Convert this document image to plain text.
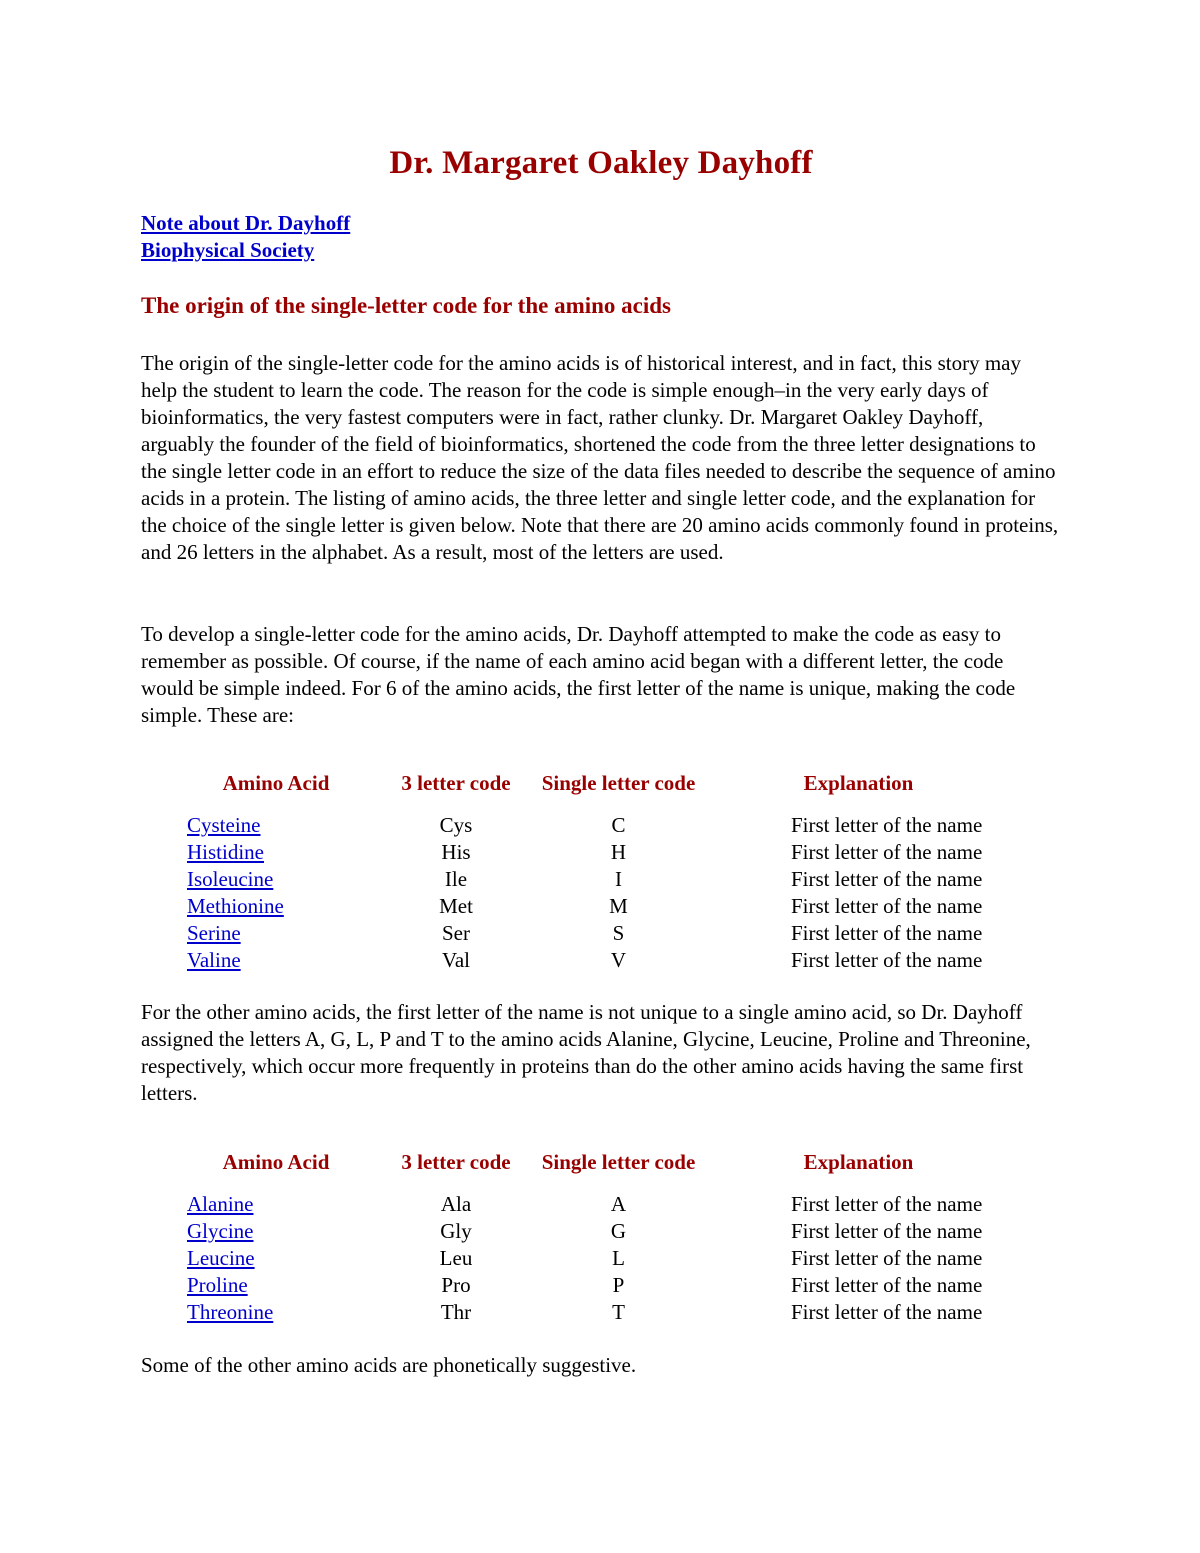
Dr. Margaret Oakley Dayhoff
Note about Dr. Dayhoff
Biophysical Society
The origin of the single-letter code for the amino acids

The origin of the single-letter code for the amino acids is of historical interest, and in fact, this story may help the student to learn the code. The reason for the code is simple enough–in the very early days of bioinformatics, the very fastest computers were in fact, rather clunky. Dr. Margaret Oakley Dayhoff, arguably the founder of the field of bioinformatics, shortened the code from the three letter designations to the single letter code in an effort to reduce the size of the data files needed to describe the sequence of amino acids in a protein. The listing of amino acids, the three letter and single letter code, and the explanation for the choice of the single letter is given below. Note that there are 20 amino acids commonly found in proteins, and 26 letters in the alphabet. As a result, most of the letters are used.

To develop a single-letter code for the amino acids, Dr. Dayhoff attempted to make the code as easy to remember as possible. Of course, if the name of each amino acid began with a different letter, the code would be simple indeed. For 6 of the amino acids, the first letter of the name is unique, making the code simple. These are:

Amino Acid	3 letter code	Single letter code	Explanation
Cysteine	Cys	C	First letter of the name
Histidine	His	H	First letter of the name
Isoleucine	Ile	I	First letter of the name
Methionine	Met	M	First letter of the name
Serine	Ser	S	First letter of the name
Valine	Val	V	First letter of the name

For the other amino acids, the first letter of the name is not unique to a single amino acid, so Dr. Dayhoff assigned the letters A, G, L, P and T to the amino acids Alanine, Glycine, Leucine, Proline and Threonine, respectively, which occur more frequently in proteins than do the other amino acids having the same first letters.

Amino Acid	3 letter code	Single letter code	Explanation
Alanine	Ala	A	First letter of the name
Glycine	Gly	G	First letter of the name
Leucine	Leu	L	First letter of the name
Proline	Pro	P	First letter of the name
Threonine	Thr	T	First letter of the name

Some of the other amino acids are phonetically suggestive.
